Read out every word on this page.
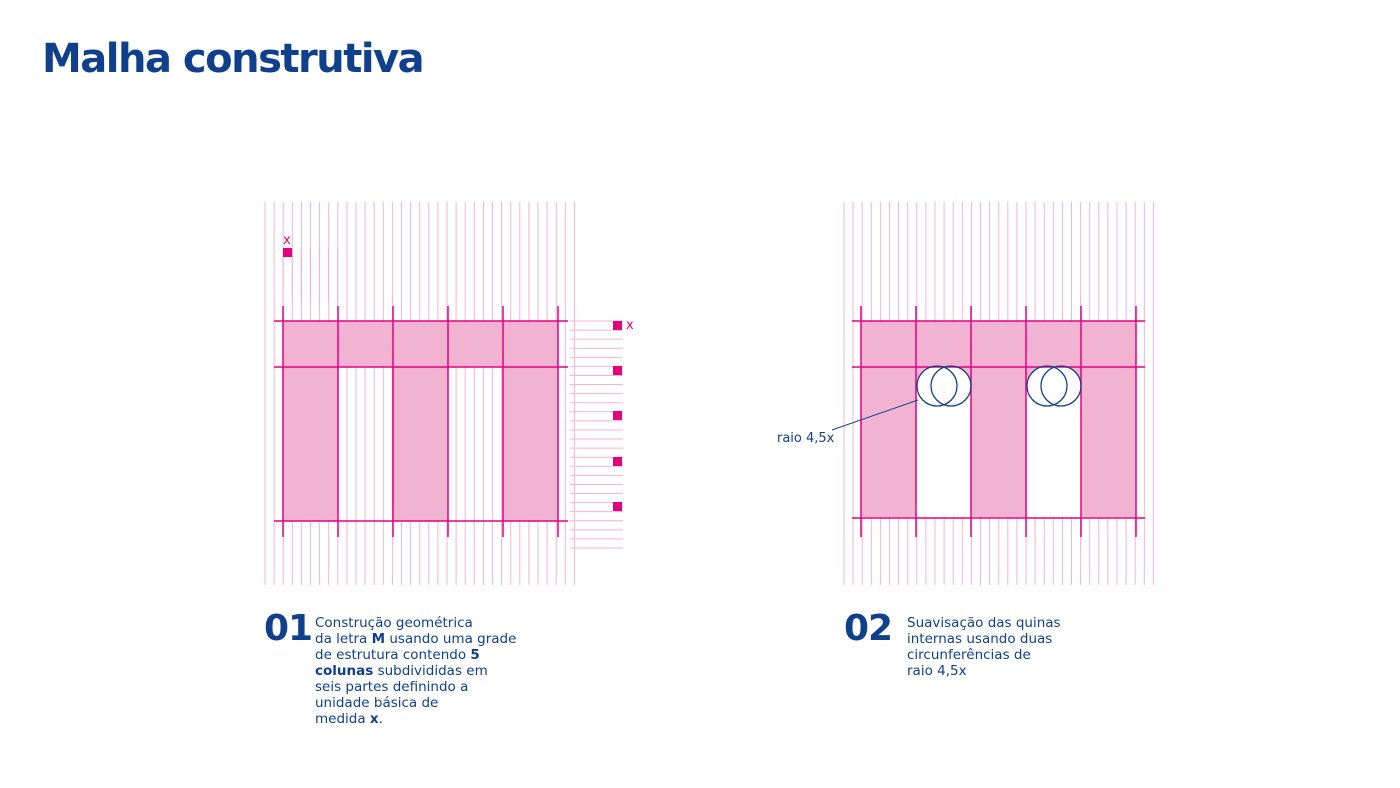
Malha construtiva
x
x
raio 4,5x
01 Construção geométrica
da letra M usando uma grade
de estrutura contendo 5
colunas subdivididas em
seis partes definindo a
unidade básica de
medida x.
02 Suavisação das quinas
internas usando duas
circunferências de
raio 4,5x
